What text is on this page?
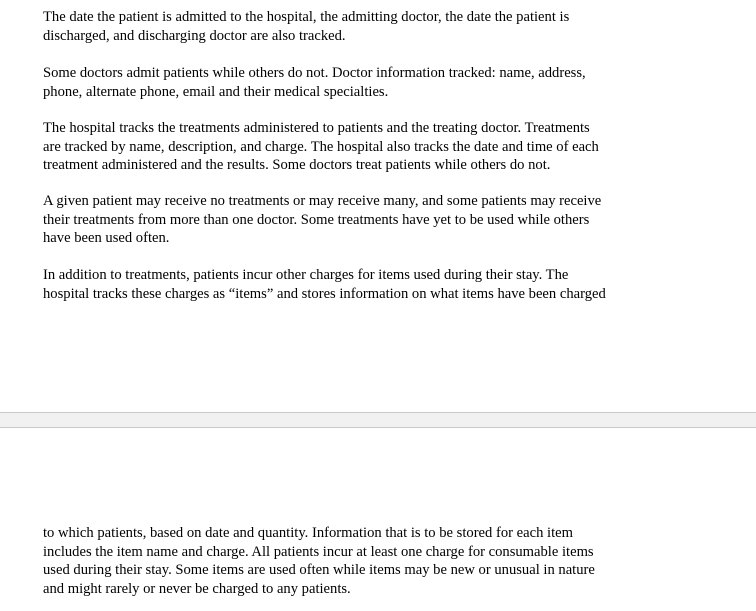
The date the patient is admitted to the hospital, the admitting doctor, the date the patient is
discharged, and discharging doctor are also tracked.

Some doctors admit patients while others do not. Doctor information tracked: name, address,
phone, alternate phone, email and their medical specialties.

The hospital tracks the treatments administered to patients and the treating doctor. Treatments
are tracked by name, description, and charge. The hospital also tracks the date and time of each
treatment administered and the results. Some doctors treat patients while others do not.

A given patient may receive no treatments or may receive many, and some patients may receive
their treatments from more than one doctor. Some treatments have yet to be used while others
have been used often.

In addition to treatments, patients incur other charges for items used during their stay. The
hospital tracks these charges as “items” and stores information on what items have been charged

to which patients, based on date and quantity. Information that is to be stored for each item
includes the item name and charge. All patients incur at least one charge for consumable items
used during their stay. Some items are used often while items may be new or unusual in nature
and might rarely or never be charged to any patients.
